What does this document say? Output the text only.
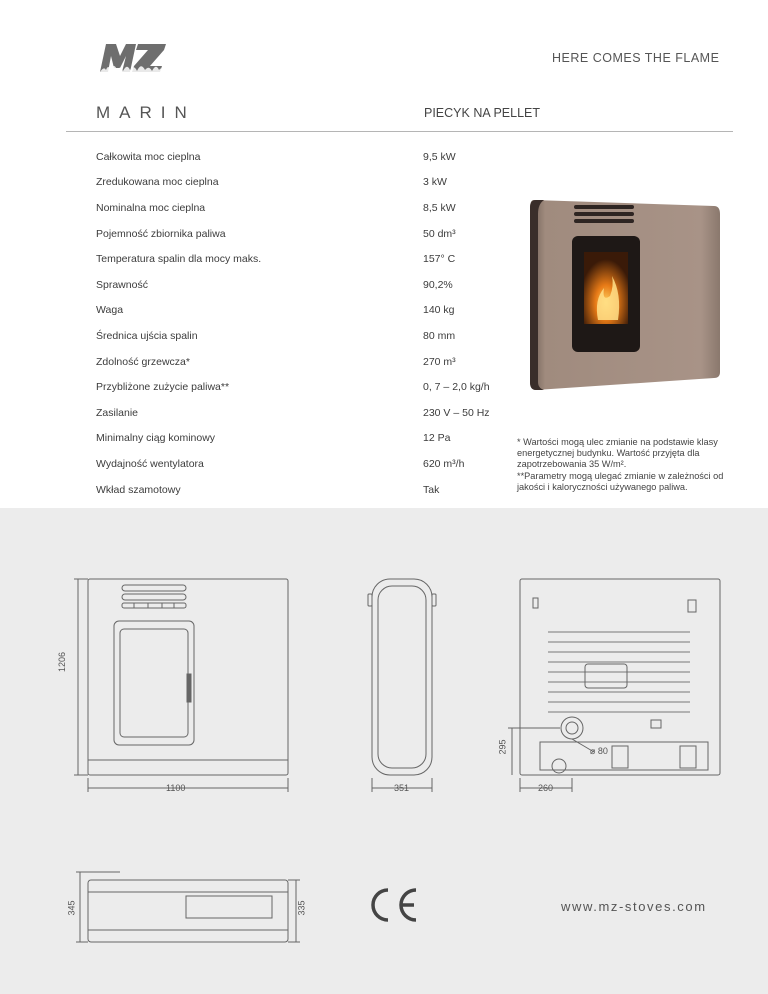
HERE COMES THE FLAME
MARIN	PIECYK NA PELLET
Całkowita moc cieplna	9,5 kW
Zredukowana moc cieplna	3 kW
Nominalna moc cieplna	8,5 kW
Pojemność zbiornika paliwa	50 dm³
Temperatura spalin dla mocy maks.	157° C
Sprawność	90,2%
Waga	140 kg
Średnica ujścia spalin	80 mm
Zdolność grzewcza*	270 m³
Przybliżone zużycie paliwa**	0, 7 – 2,0 kg/h
Zasilanie	230 V – 50 Hz
Minimalny ciąg kominowy	12 Pa
Wydajność wentylatora	620 m³/h
Wkład szamotowy	Tak

* Wartości mogą ulec zmianie na podstawie klasy energetycznej budynku. Wartość przyjęta dla zapotrzebowania 35 W/m².

**Parametry mogą ulegać zmianie w zależności od jakości i kaloryczności używanego paliwa.

1206
1100	351	260
295	⌀ 80
345	335	www.mz-stoves.com
